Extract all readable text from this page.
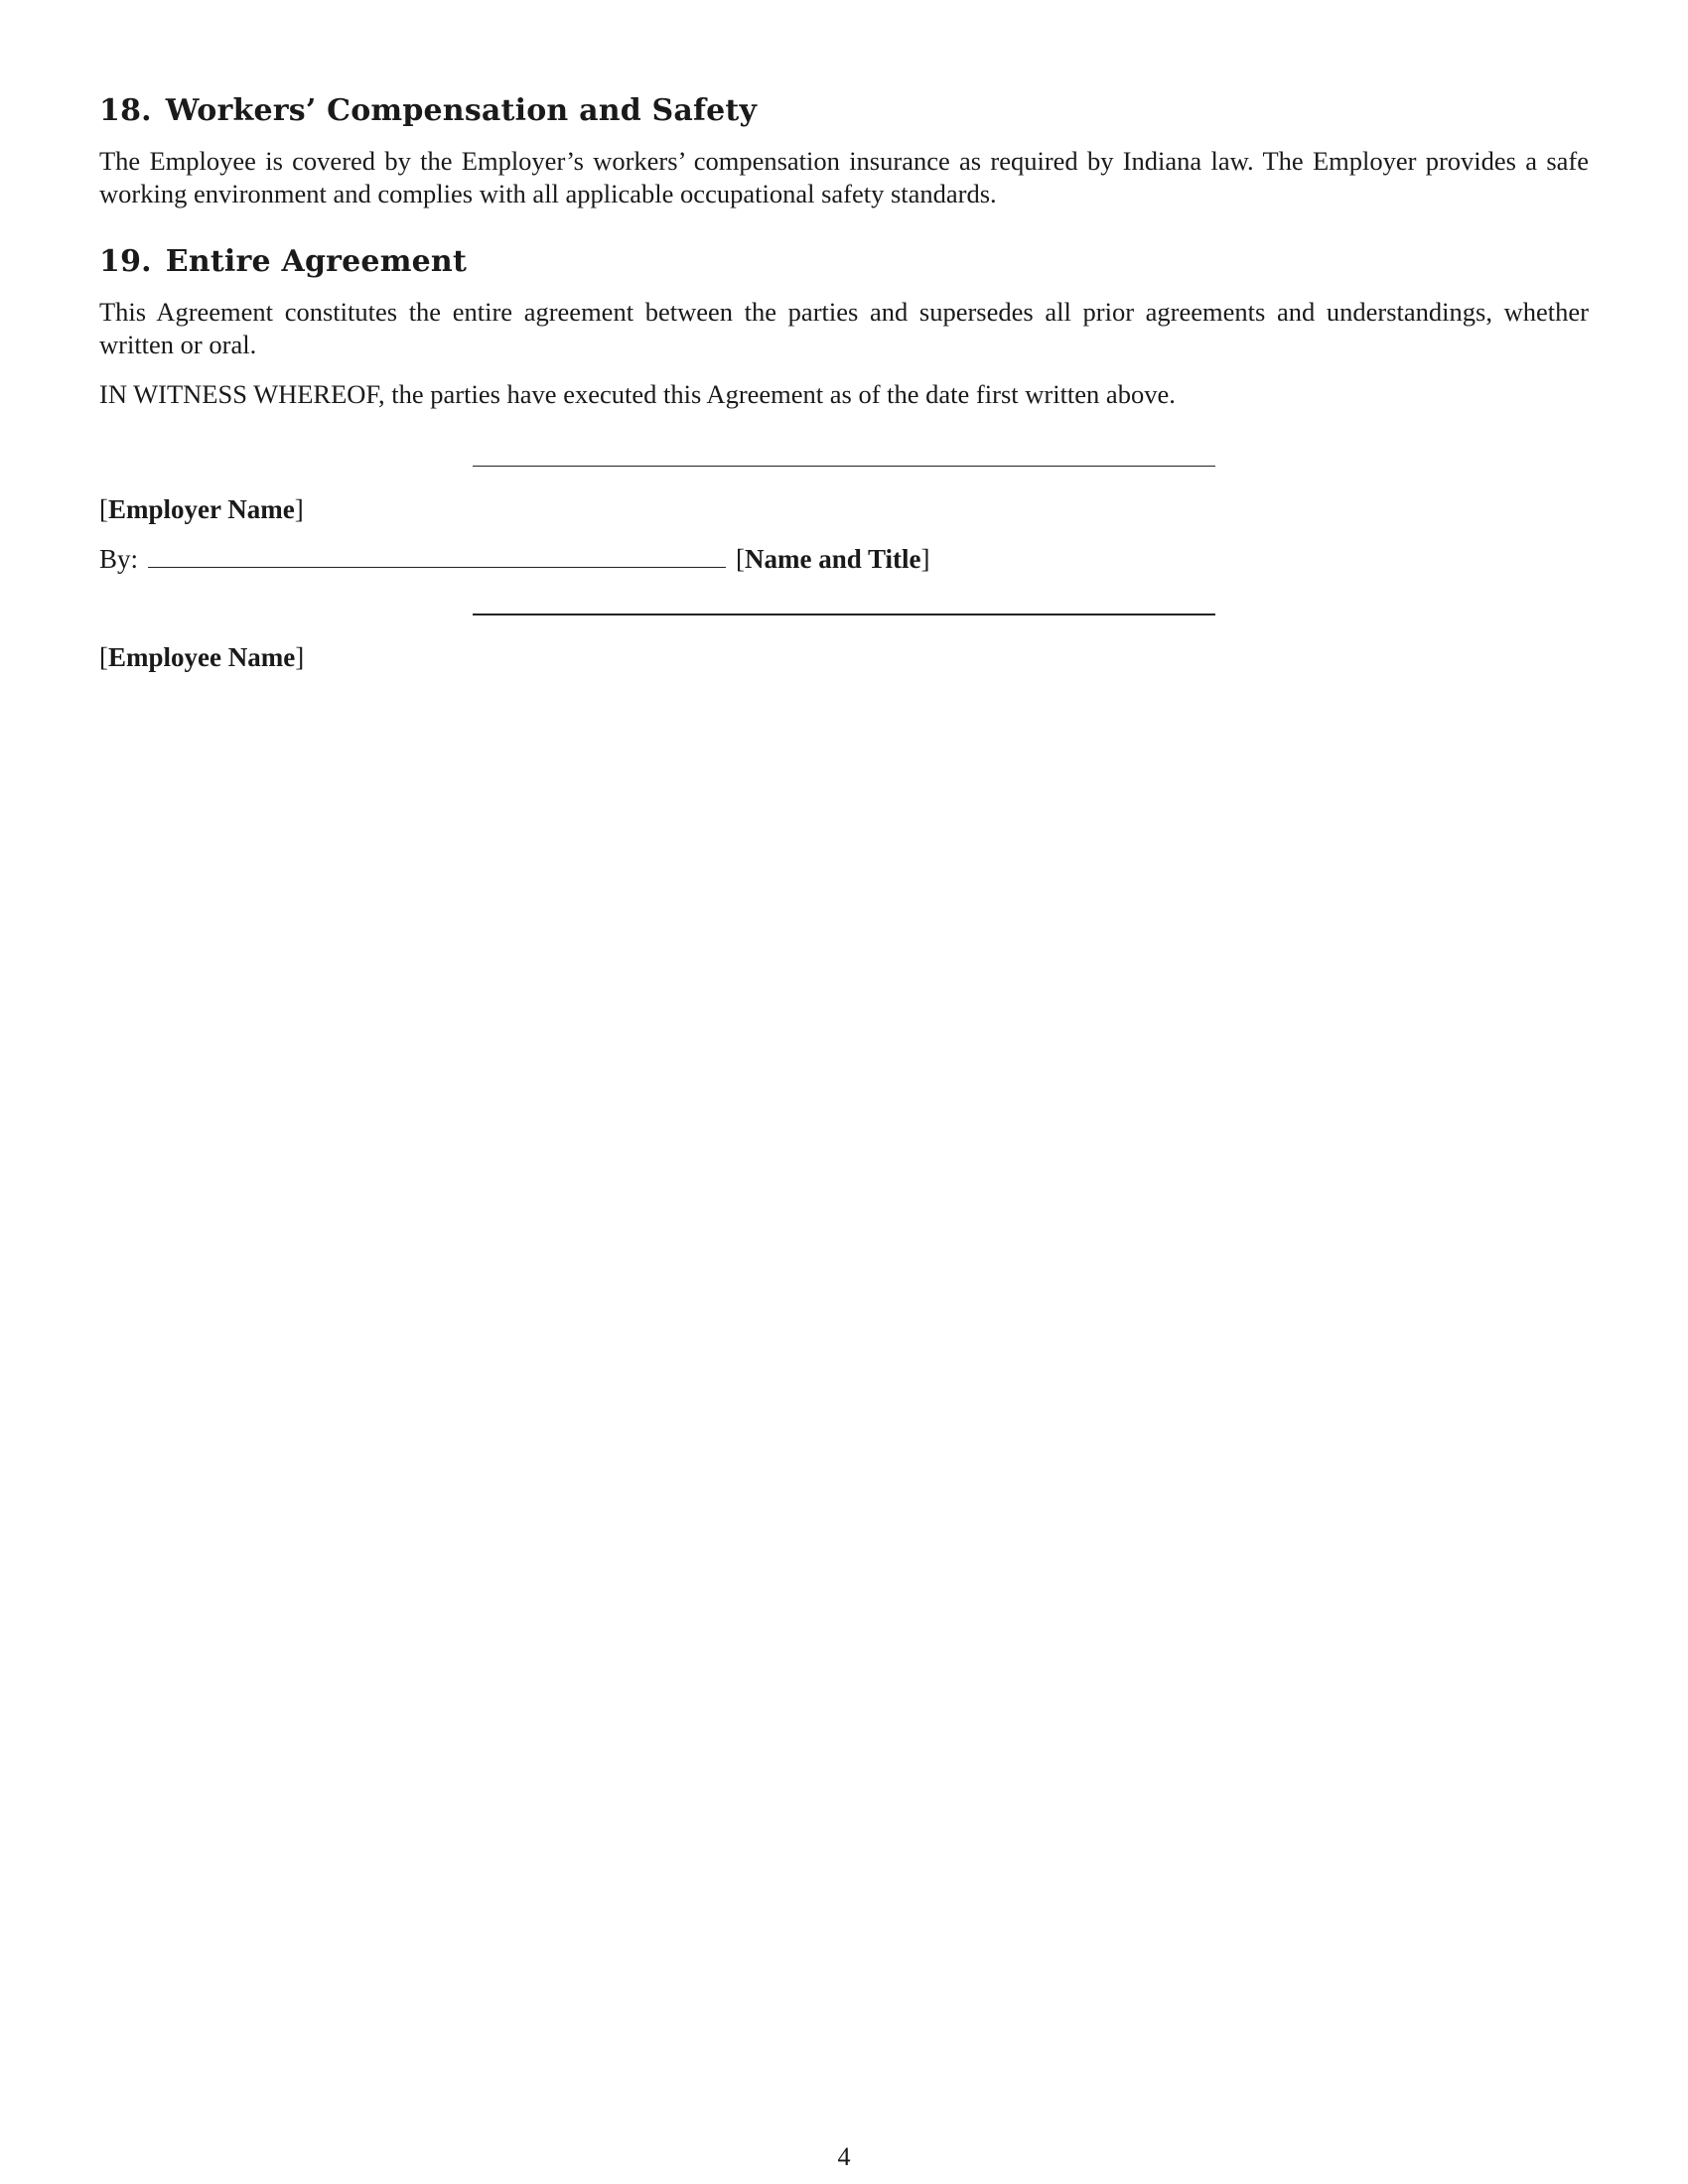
18. Workers’ Compensation and Safety

The Employee is covered by the Employer’s workers’ compensation insurance as required by Indiana law. The Employer provides a safe working environment and complies with all applicable occupational safety standards.

19. Entire Agreement

This Agreement constitutes the entire agreement between the parties and supersedes all prior agreements and understandings, whether written or oral.

IN WITNESS WHEREOF, the parties have executed this Agreement as of the date first written above.

[Employer Name]
By:	[Name and Title]
[Employee Name]
4
